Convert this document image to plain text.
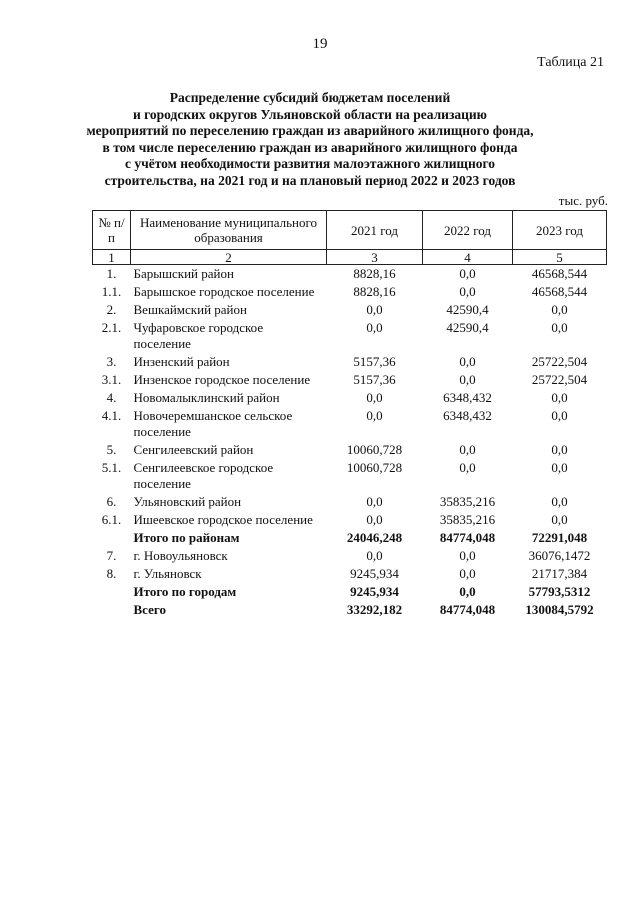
19
Таблица 21
Распределение субсидий бюджетам поселений
и городских округов Ульяновской области на реализацию
мероприятий по переселению граждан из аварийного жилищного фонда,
в том числе переселению граждан из аварийного жилищного фонда
с учётом необходимости развития малоэтажного жилищного
строительства, на 2021 год и на плановый период 2022 и 2023 годов
тыс. руб.
№ п/п	Наименование муниципального образования	2021 год	2022 год	2023 год
1	2	3	4	5
1.	Барышский район	8828,16	0,0	46568,544
1.1.	Барышское городское поселение	8828,16	0,0	46568,544
2.	Вешкаймский район	0,0	42590,4	0,0
2.1.	Чуфаровское городское поселение	0,0	42590,4	0,0
3.	Инзенский район	5157,36	0,0	25722,504
3.1.	Инзенское городское поселение	5157,36	0,0	25722,504
4.	Новомалыклинский район	0,0	6348,432	0,0
4.1.	Новочеремшанское сельское поселение	0,0	6348,432	0,0
5.	Сенгилеевский район	10060,728	0,0	0,0
5.1.	Сенгилеевское городское поселение	10060,728	0,0	0,0
6.	Ульяновский район	0,0	35835,216	0,0
6.1.	Ишеевское городское поселение	0,0	35835,216	0,0
	Итого по районам	24046,248	84774,048	72291,048
7.	г. Новоульяновск	0,0	0,0	36076,1472
8.	г. Ульяновск	9245,934	0,0	21717,384
	Итого по городам	9245,934	0,0	57793,5312
	Всего	33292,182	84774,048	130084,5792
